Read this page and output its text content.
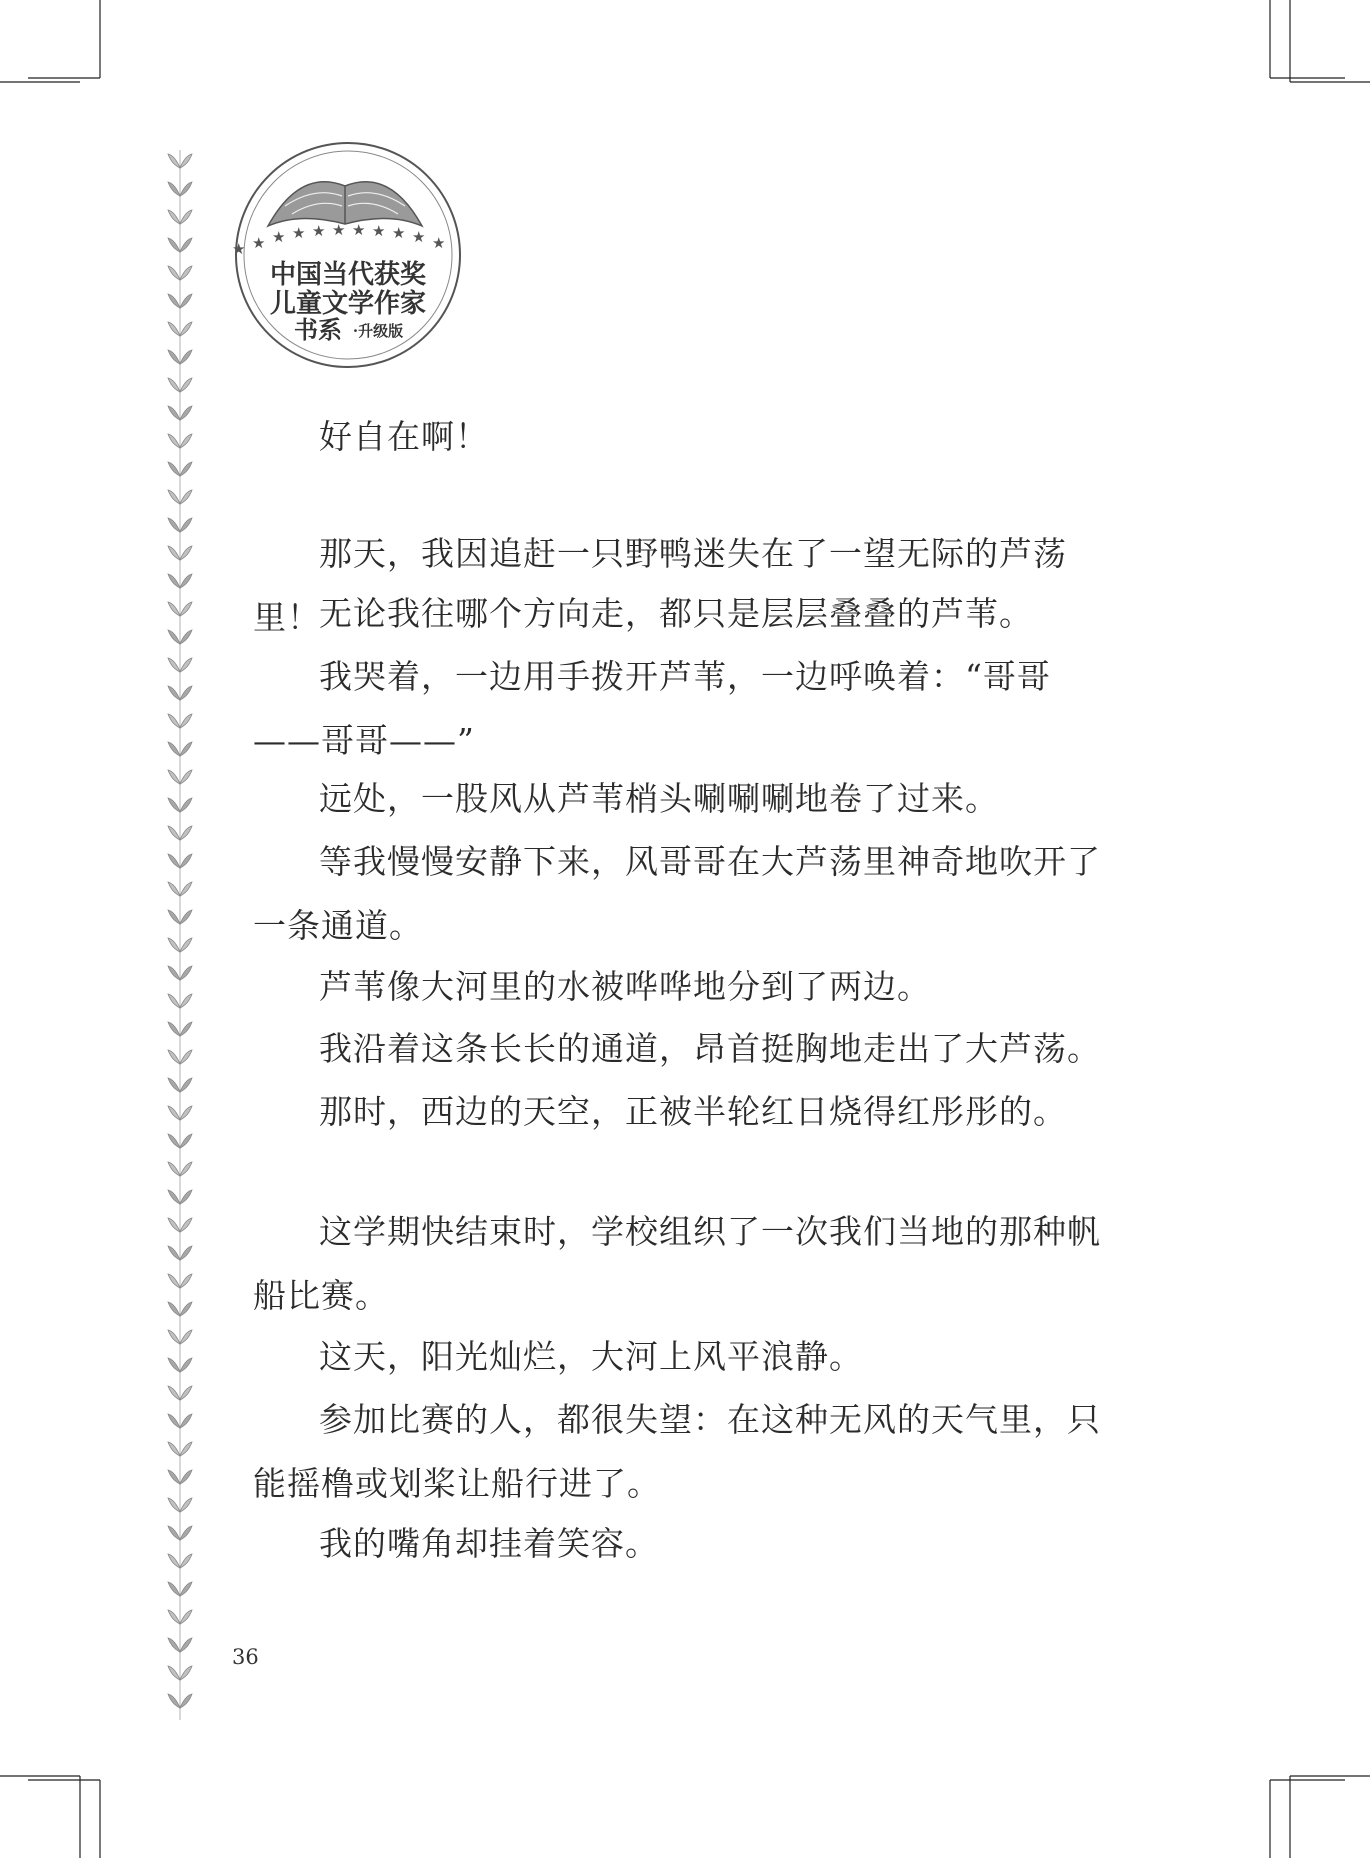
★ ★ ★ ★ ★ ★ ★ ★ ★ ★ ★
中国当代获奖
儿童文学作家
书系 ·升级版

好自在啊！

那天，我因追赶一只野鸭迷失在了一望无际的芦荡里！

无论我往哪个方向走，都只是层层叠叠的芦苇。

我哭着，一边用手拨开芦苇，一边呼唤着：“哥哥——哥哥——”

远处，一股风从芦苇梢头唰唰唰地卷了过来。

等我慢慢安静下来，风哥哥在大芦荡里神奇地吹开了一条通道。

芦苇像大河里的水被哗哗地分到了两边。

我沿着这条长长的通道，昂首挺胸地走出了大芦荡。

那时，西边的天空，正被半轮红日烧得红彤彤的。

这学期快结束时，学校组织了一次我们当地的那种帆船比赛。

这天，阳光灿烂，大河上风平浪静。

参加比赛的人，都很失望：在这种无风的天气里，只能摇橹或划桨让船行进了。

我的嘴角却挂着笑容。

36
